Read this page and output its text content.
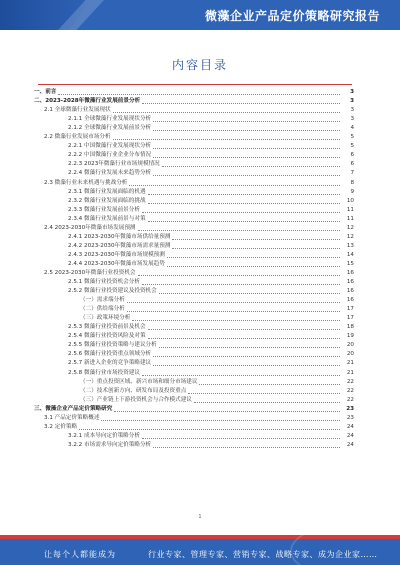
微藻企业产品定价策略研究报告
内容目录
一、前言	3
二、2023-2028年微藻行业发展前景分析	3
2.1 全球微藻行业发展现状	3
2.1.1 全球微藻行业发展现状分析	3
2.1.2 全球微藻行业发展前景分析	4
2.2 微藻行业发展市场分析	5
2.2.1 中国微藻行业发展现状分析	5
2.2.2 中国微藻行业企业分布情况	6
2.2.3 2023年微藻行业市场规模情况	6
2.2.4 微藻行业发展未来趋势分析	7
2.3 微藻行业未来机遇与挑战分析	8
2.3.1 微藻行业发展面临的机遇	9
2.3.2 微藻行业发展面临的挑战	10
2.3.3 微藻行业发展前景分析	11
2.3.4 微藻行业发展前景与对策	11
2.4 2023-2030年微藻市场发展预测	12
2.4.1 2023-2030年微藻市场供给量预测	12
2.4.2 2023-2030年微藻市场需求量预测	13
2.4.3 2023-2030年微藻市场规模预测	14
2.4.4 2023-2030年微藻市场发展趋势	15
2.5 2023-2030年微藻行业投资机会	16
2.5.1 微藻行业投资机会分析	16
2.5.2 微藻行业投资建议及投资机会	16
（一）需求端分析	16
（二）供给端分析	17
（三）政策环境分析	17
2.5.3 微藻行业投资前景及机会	18
2.5.4 微藻行业投资风险及对策	19
2.5.5 微藻行业投资策略与建议分析	20
2.5.6 微藻行业投资重点领域分析	20
2.5.7 新进入企业的竞争策略建议	21
2.5.8 微藻行业市场投资建议	21
（一）重点投资区域、新兴市场和细分市场建议	22
（二）技术创新方向、研发布局及投资重点	22
（三）产业链上下游投资机会与合作模式建议	22
三、微藻企业产品定价策略研究	23
3.1 产品定价策略概述	23
3.2 定价策略	24
3.2.1 成本导向定价策略分析	24
3.2.2 市场需求导向定价策略分析	24
1
让每个人都能成为	行业专家、管理专家、营销专家、战略专家、成为企业家……
